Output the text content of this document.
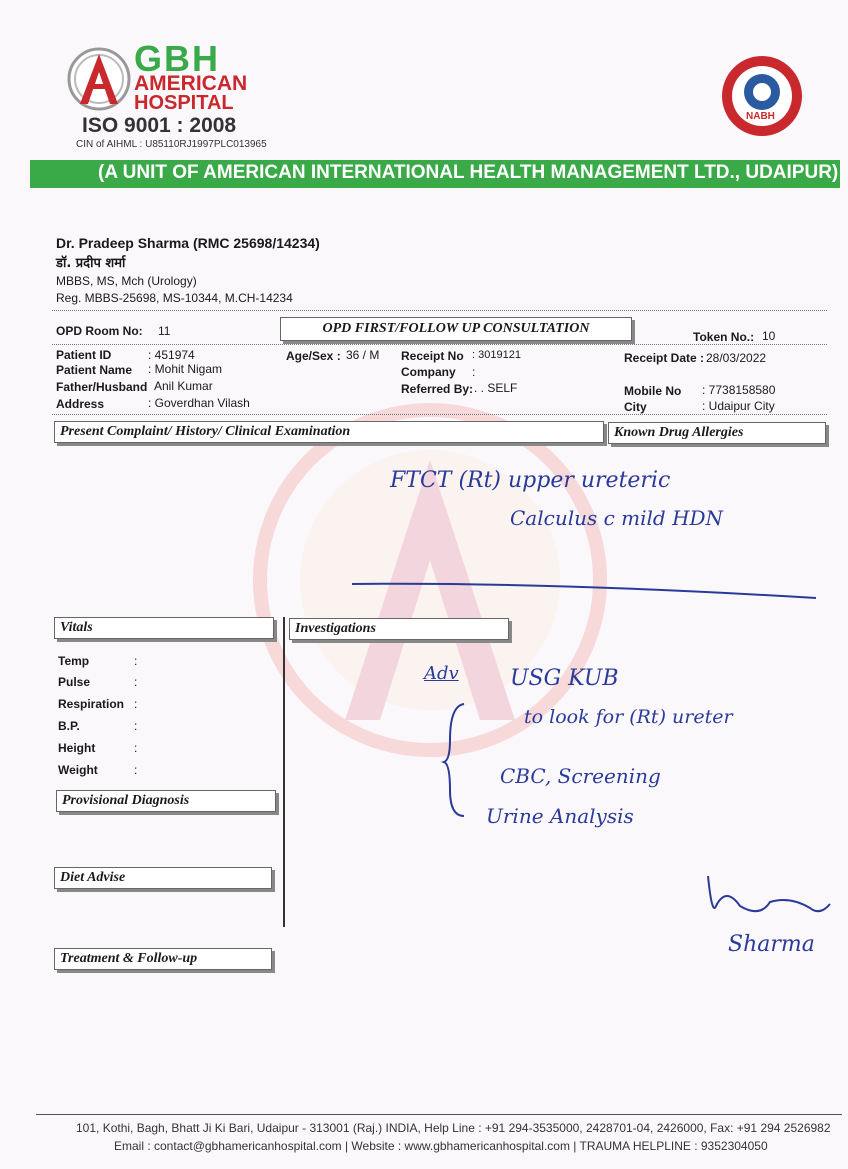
GBH
AMERICAN
HOSPITAL
ISO 9001 : 2008
CIN of AIHML : U85110RJ1997PLC013965
NABH
(A UNIT OF AMERICAN INTERNATIONAL HEALTH MANAGEMENT LTD., UDAIPUR)
Dr. Pradeep Sharma (RMC 25698/14234)
डॉ. प्रदीप शर्मा
MBBS, MS, Mch (Urology)
Reg. MBBS-25698, MS-10344, M.CH-14234
OPD Room No: 11	OPD FIRST/FOLLOW UP CONSULTATION
Token No.: 10
Patient ID	: 451974
Patient Name : Mohit Nigam
Father/Husband Anil Kumar
Address	: Goverdhan Vilash
Age/Sex : 36 / M Receipt No : 3019121
Company :
Referred By: . . SELF
Receipt Date : 28/03/2022
Mobile No : 7738158580
City	: Udaipur City
Present Complaint/ History/ Clinical Examination	Known Drug Allergies
FTCT (Rt) upper ureteric
Calculus c mild HDN
Vitals	Investigations
Temp	:
Pulse	:
Respiration :
B.P.	:
Height	:
Weight	:
Adv USG KUB
to look for (Rt) ureter
CBC, Screening
Urine Analysis
Provisional Diagnosis
Diet Advise
Treatment & Follow-up
Sharma
101, Kothi, Bagh, Bhatt Ji Ki Bari, Udaipur - 313001 (Raj.) INDIA, Help Line : +91 294-3535000, 2428701-04, 2426000, Fax: +91 294 2526982
Email : contact@gbhamericanhospital.com | Website : www.gbhamericanhospital.com | TRAUMA HELPLINE : 9352304050
